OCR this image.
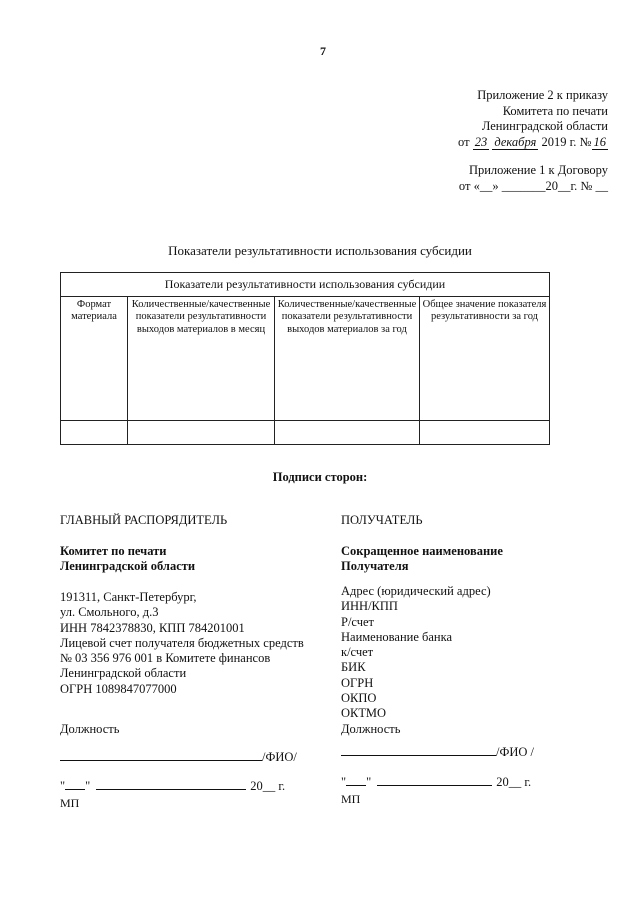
7
Приложение 2 к приказу
Комитета по печати
Ленинградской области
от 23 декабря 2019 г. № 16
Приложение 1 к Договору
от «__» _______20__г. № __
Показатели результативности использования субсидии
Показатели результативности использования субсидии			
Формат материала	Количественные/качественные показатели результативности выходов материалов в месяц	Количественные/качественные показатели результативности выходов материалов за год	Общее значение показателя результативности за год

Подписи сторон:
ГЛАВНЫЙ РАСПОРЯДИТЕЛЬ
Комитет по печати
Ленинградской области
191311, Санкт-Петербург,
ул. Смольного, д.3
ИНН 7842378830, КПП 784201001
Лицевой счет получателя бюджетных средств
№ 03 356 976 001 в Комитете финансов
Ленинградской области
ОГРН 1089847077000
Должность
/ФИО/
" "	20__ г.
МП
ПОЛУЧАТЕЛЬ
Сокращенное наименование
Получателя
Адрес (юридический адрес)
ИНН/КПП
Р/счет
Наименование банка
к/счет
БИК
ОГРН
ОКПО
ОКТМО
Должность
/ФИО /
" "	20__ г.
МП
